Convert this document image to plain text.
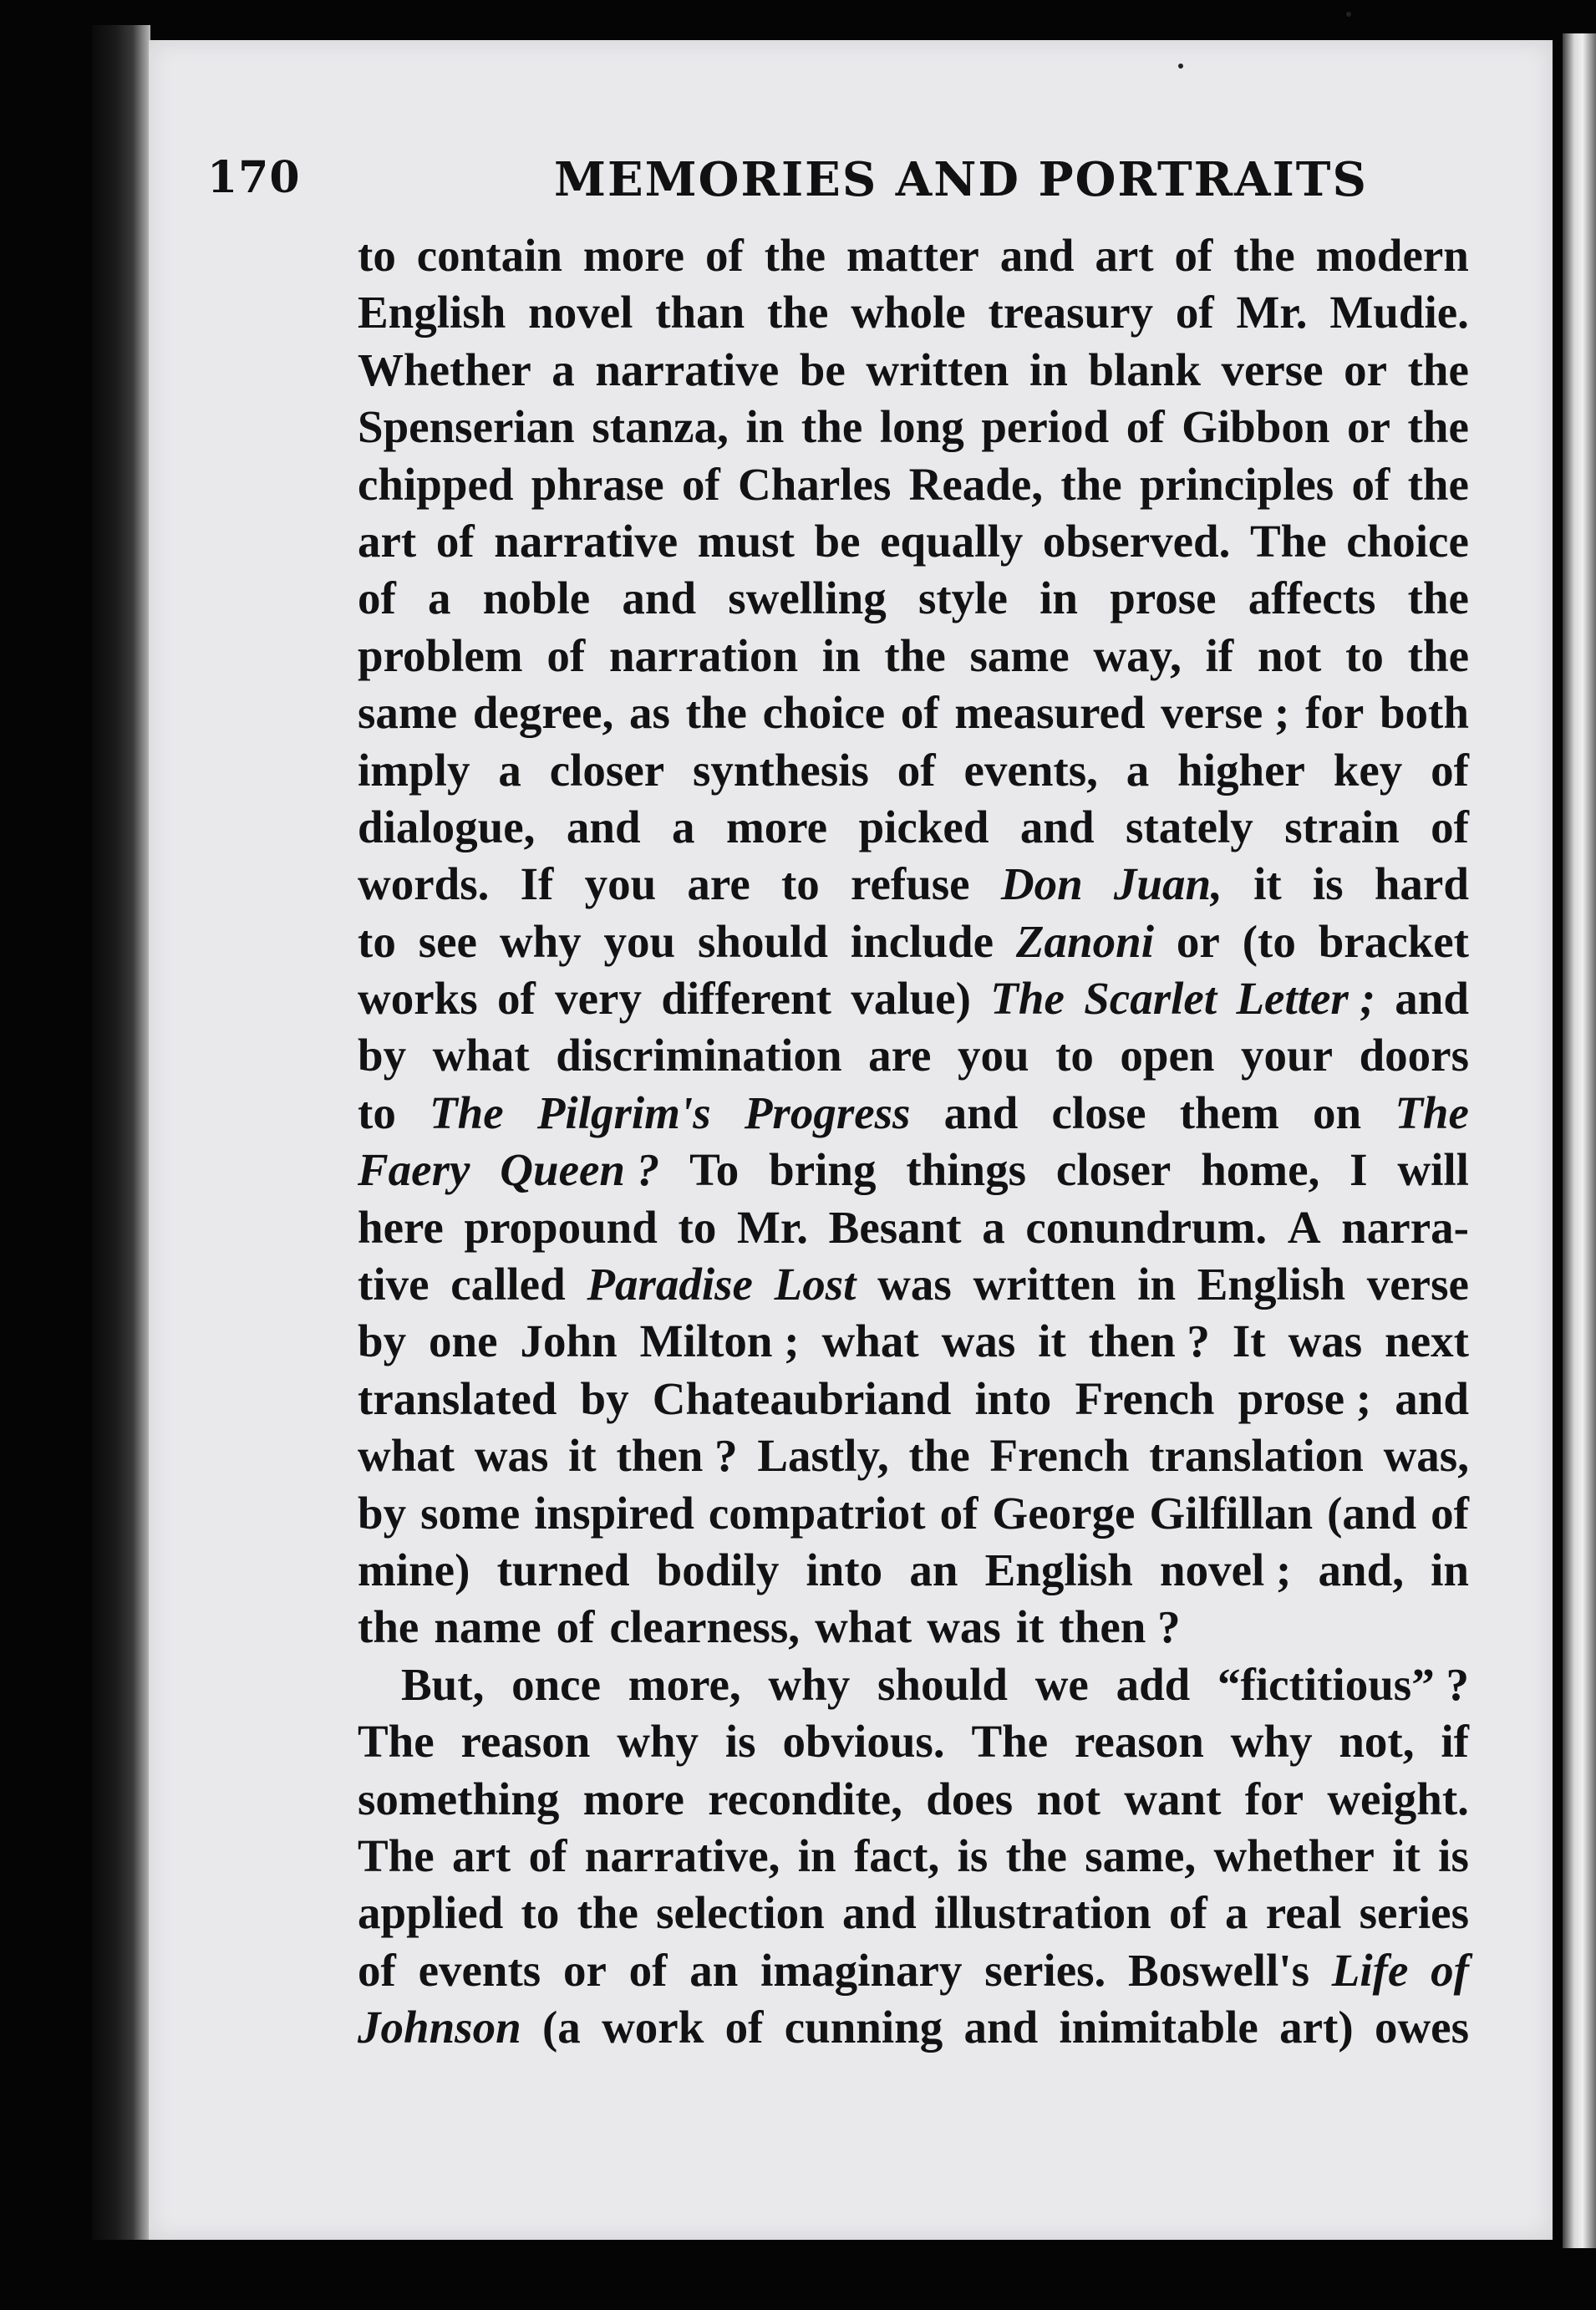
170	MEMORIES AND PORTRAITS
to contain more of the matter and art of the modern
English novel than the whole treasury of Mr. Mudie.
Whether a narrative be written in blank verse or the
Spenserian stanza, in the long period of Gibbon or the
chipped phrase of Charles Reade, the principles of the
art of narrative must be equally observed. The choice
of a noble and swelling style in prose affects the
problem of narration in the same way, if not to the
same degree, as the choice of measured verse ; for both
imply a closer synthesis of events, a higher key of
dialogue, and a more picked and stately strain of
words. If you are to refuse Don Juan, it is hard
to see why you should include Zanoni or (to bracket
works of very different value) The Scarlet Letter ; and
by what discrimination are you to open your doors
to The Pilgrim's Progress and close them on The
Faery Queen ? To bring things closer home, I will
here propound to Mr. Besant a conundrum. A narra-
tive called Paradise Lost was written in English verse
by one John Milton ; what was it then ? It was next
translated by Chateaubriand into French prose ; and
what was it then ? Lastly, the French translation was,
by some inspired compatriot of George Gilfillan (and of
mine) turned bodily into an English novel ; and, in
the name of clearness, what was it then ?
But, once more, why should we add “fictitious” ?
The reason why is obvious. The reason why not, if
something more recondite, does not want for weight.
The art of narrative, in fact, is the same, whether it is
applied to the selection and illustration of a real series
of events or of an imaginary series. Boswell's Life of
Johnson (a work of cunning and inimitable art) owes
